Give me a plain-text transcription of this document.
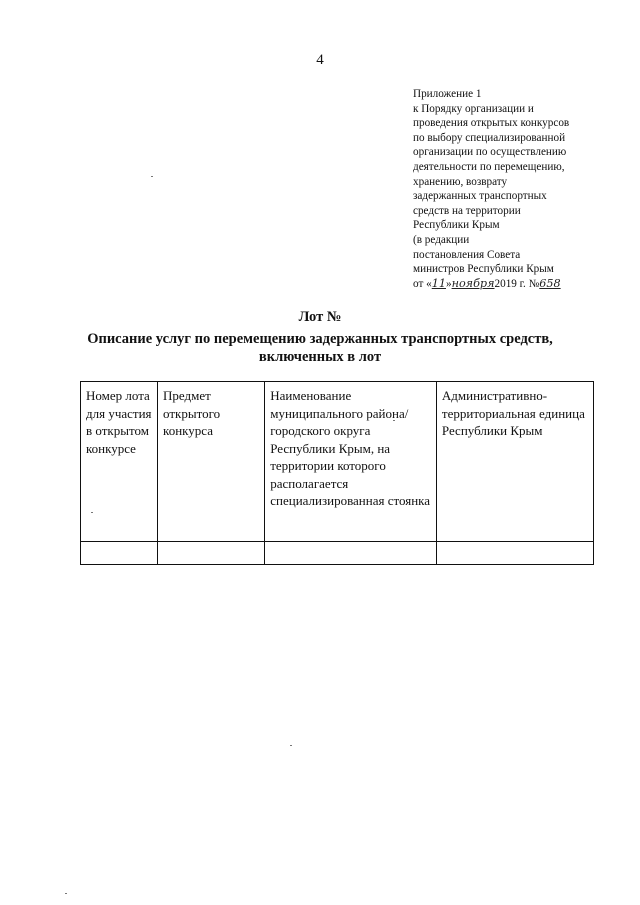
4
Приложение 1
к Порядку организации и
проведения открытых конкурсов
по выбору специализированной
организации по осуществлению
деятельности по перемещению,
хранению, возврату
задержанных транспортных
средств на территории
Республики Крым
(в редакции
постановления Совета
министров Республики Крым
от «11»ноября2019 г. №658
Лот №
Описание услуг по перемещению задержанных транспортных средств, включенных в лот
Номер лота для участия в открытом конкурсе	Предмет открытого конкурса	Наименование муниципального района/городского округа Республики Крым, на территории которого располагается специализированная стоянка	Административно-территориальная единица Республики Крым
